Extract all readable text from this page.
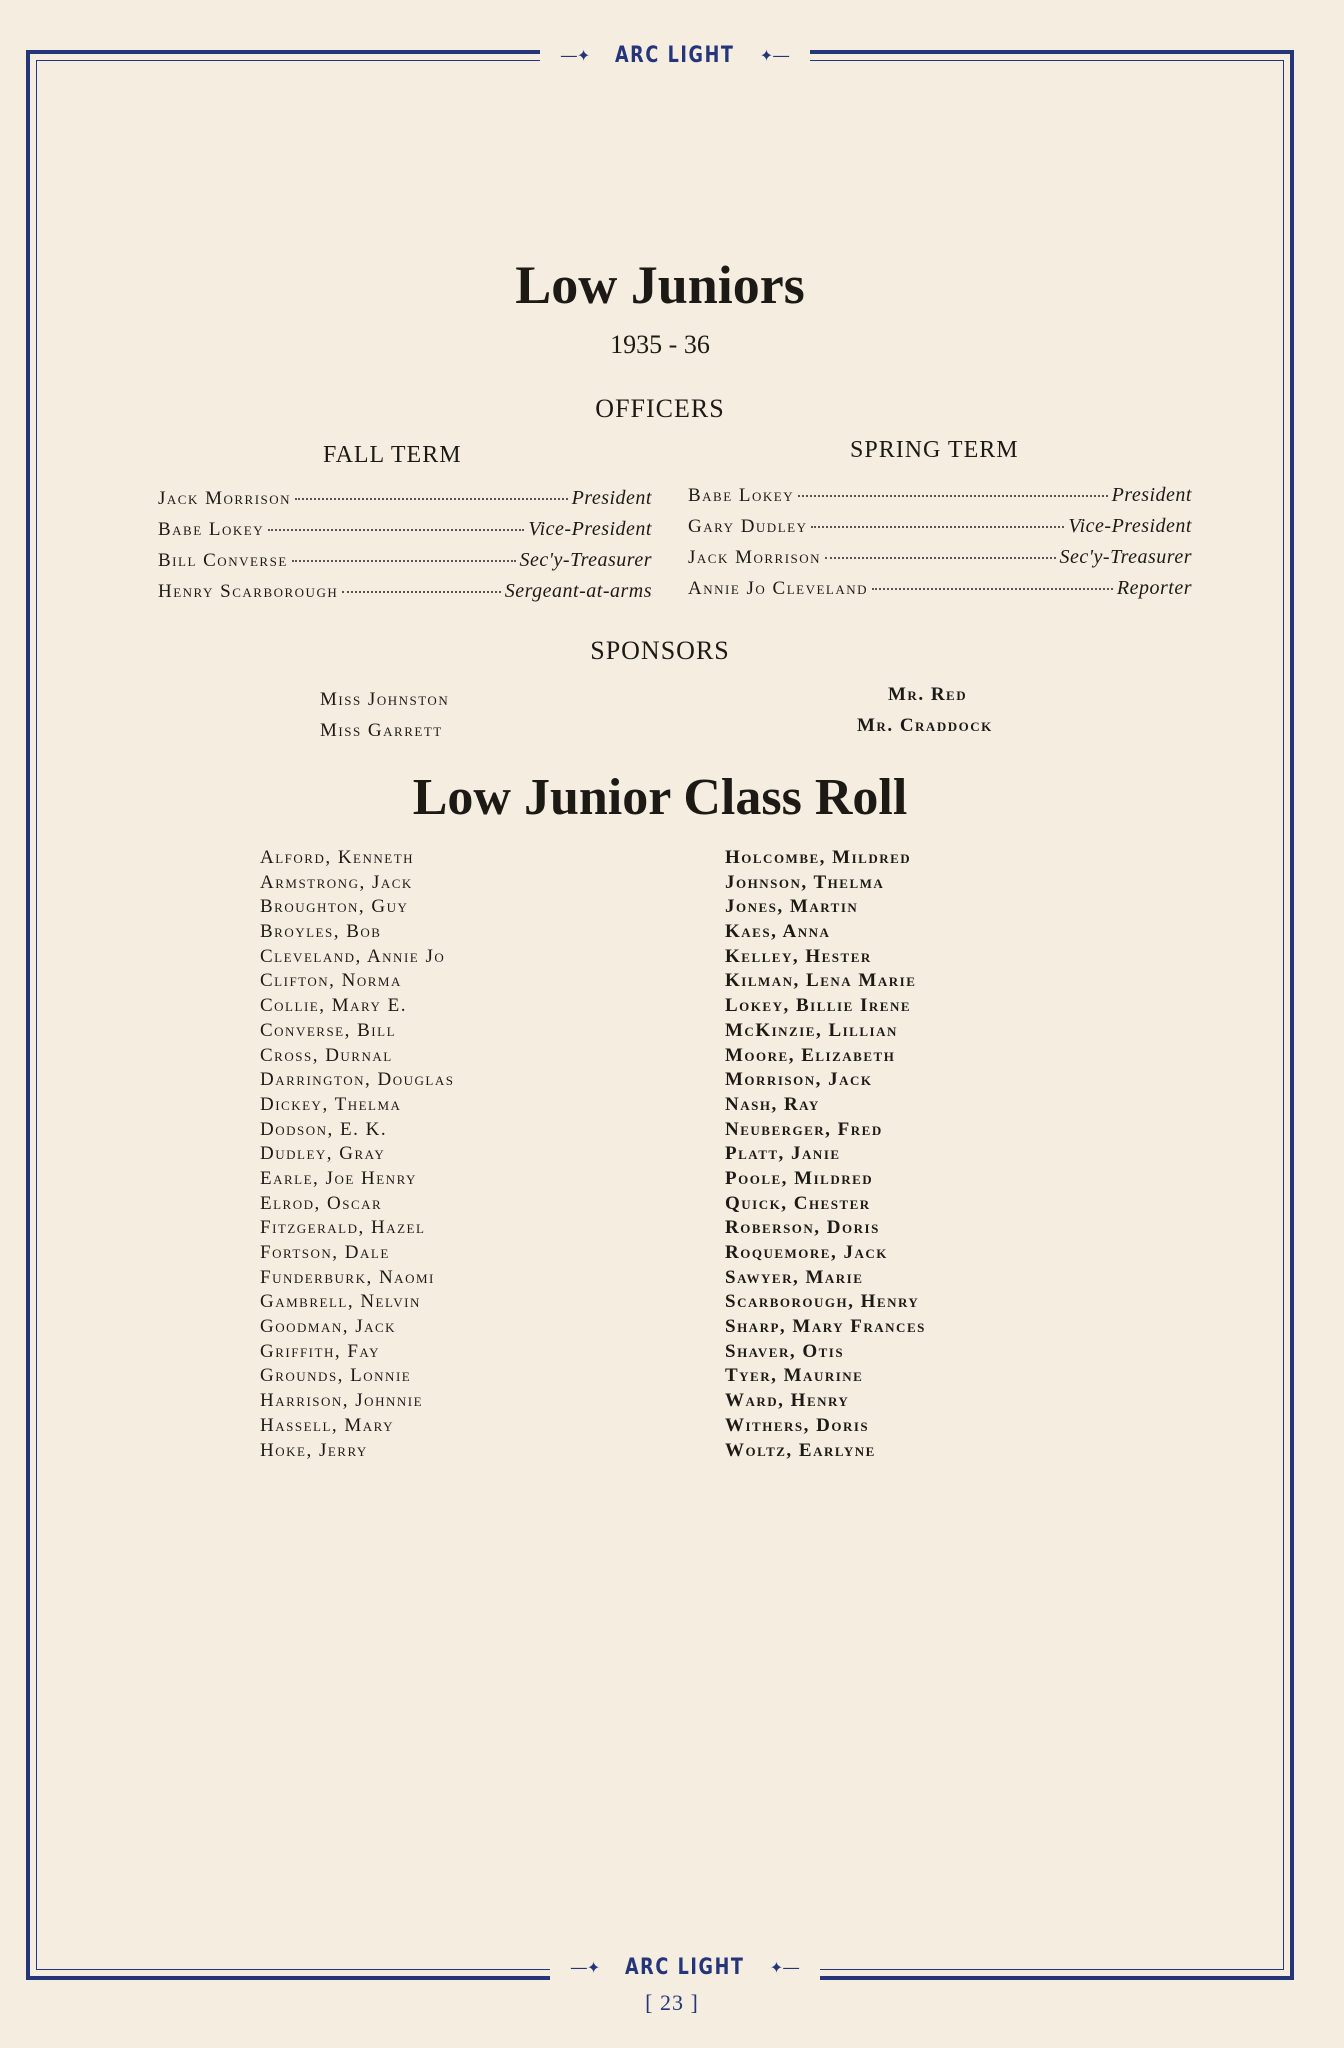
―✦ ARC LIGHT ✦―
Low Juniors
1935 - 36
OFFICERS
FALL TERM	SPRING TERM
Jack Morrison	President
Babe Lokey	Vice-President
Bill Converse	Sec'y-Treasurer
Henry Scarborough	Sergeant-at-arms
Babe Lokey	President
Gary Dudley	Vice-President
Jack Morrison	Sec'y-Treasurer
Annie Jo Cleveland	Reporter
SPONSORS
Miss Johnston
Miss Garrett
Mr. Red
Mr. Craddock
Low Junior Class Roll
Alford, Kenneth
Armstrong, Jack
Broughton, Guy
Broyles, Bob
Cleveland, Annie Jo
Clifton, Norma
Collie, Mary E.
Converse, Bill
Cross, Durnal
Darrington, Douglas
Dickey, Thelma
Dodson, E. K.
Dudley, Gray
Earle, Joe Henry
Elrod, Oscar
Fitzgerald, Hazel
Fortson, Dale
Funderburk, Naomi
Gambrell, Nelvin
Goodman, Jack
Griffith, Fay
Grounds, Lonnie
Harrison, Johnnie
Hassell, Mary
Hoke, Jerry
Holcombe, Mildred
Johnson, Thelma
Jones, Martin
Kaes, Anna
Kelley, Hester
Kilman, Lena Marie
Lokey, Billie Irene
McKinzie, Lillian
Moore, Elizabeth
Morrison, Jack
Nash, Ray
Neuberger, Fred
Platt, Janie
Poole, Mildred
Quick, Chester
Roberson, Doris
Roquemore, Jack
Sawyer, Marie
Scarborough, Henry
Sharp, Mary Frances
Shaver, Otis
Tyer, Maurine
Ward, Henry
Withers, Doris
Woltz, Earlyne
―✦ ARC LIGHT ✦―
[ 23 ]
